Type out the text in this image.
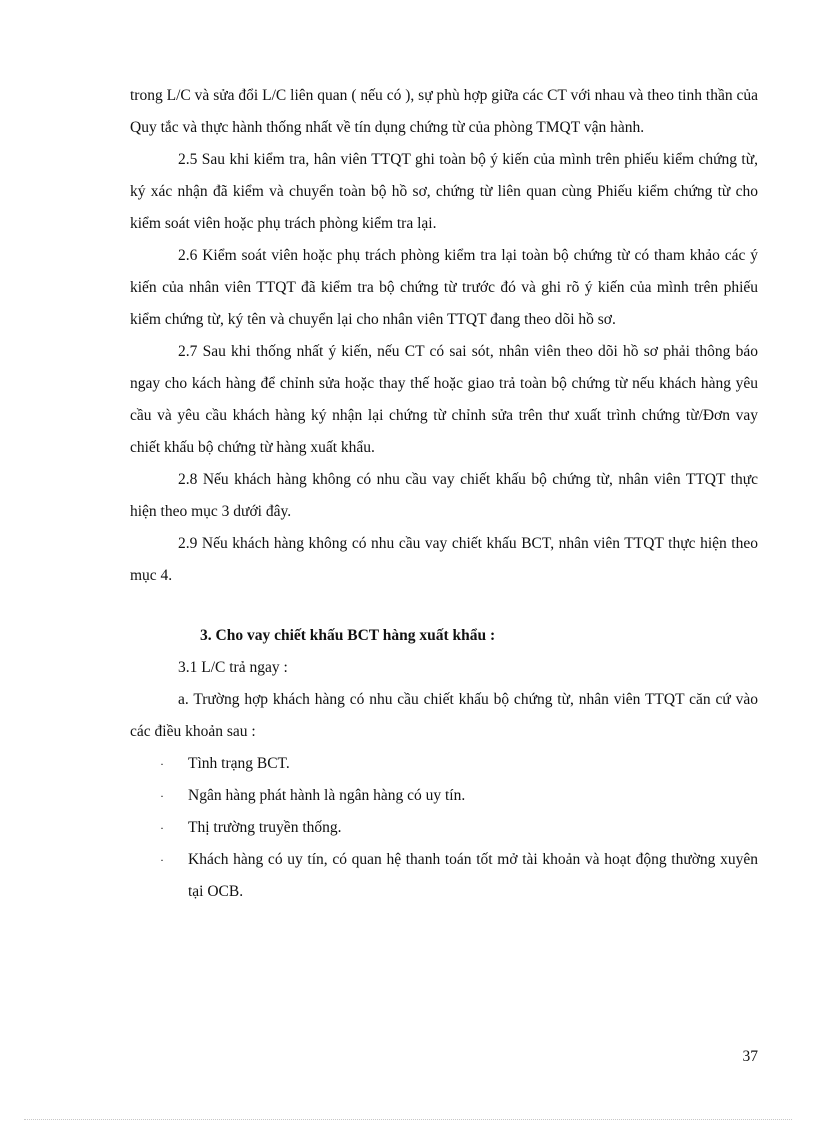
trong L/C và sửa đổi L/C liên quan ( nếu có ), sự phù hợp giữa các CT với nhau và theo tinh thần của Quy tắc và thực hành thống nhất về tín dụng chứng từ của phòng TMQT vận hành.

2.5 Sau khi kiểm tra, hân viên TTQT ghi toàn bộ ý kiến của mình trên phiếu kiểm chứng từ, ký xác nhận đã kiểm và chuyển toàn bộ hồ sơ, chứng từ liên quan cùng Phiếu kiểm chứng từ cho kiểm soát viên hoặc phụ trách phòng kiểm tra lại.

2.6 Kiểm soát viên hoặc phụ trách phòng kiểm tra lại toàn bộ chứng từ có tham khảo các ý kiến của nhân viên TTQT đã kiểm tra bộ chứng từ trước đó và ghi rõ ý kiến của mình trên phiếu kiểm chứng từ, ký tên và chuyển lại cho nhân viên TTQT đang theo dõi hồ sơ.

2.7 Sau khi thống nhất ý kiến, nếu CT có sai sót, nhân viên theo dõi hồ sơ phải thông báo ngay cho kách hàng để chỉnh sửa hoặc thay thế hoặc giao trả toàn bộ chứng từ nếu khách hàng yêu cầu và yêu cầu khách hàng ký nhận lại chứng từ chỉnh sửa trên thư xuất trình chứng từ/Đơn vay chiết khấu bộ chứng từ hàng xuất khẩu.

2.8 Nếu khách hàng không có nhu cầu vay chiết khấu bộ chứng từ, nhân viên TTQT thực hiện theo mục 3 dưới đây.

2.9 Nếu khách hàng không có nhu cầu vay chiết khấu BCT, nhân viên TTQT thực hiện theo mục 4.

3. Cho vay chiết khấu BCT hàng xuất khẩu :

3.1 L/C trả ngay :

a. Trường hợp khách hàng có nhu cầu chiết khấu bộ chứng từ, nhân viên TTQT căn cứ vào các điều khoản sau :

· Tình trạng BCT.
· Ngân hàng phát hành là ngân hàng có uy tín.
· Thị trường truyền thống.
· Khách hàng có uy tín, có quan hệ thanh toán tốt mở tài khoản và hoạt động thường xuyên tại OCB.
37
